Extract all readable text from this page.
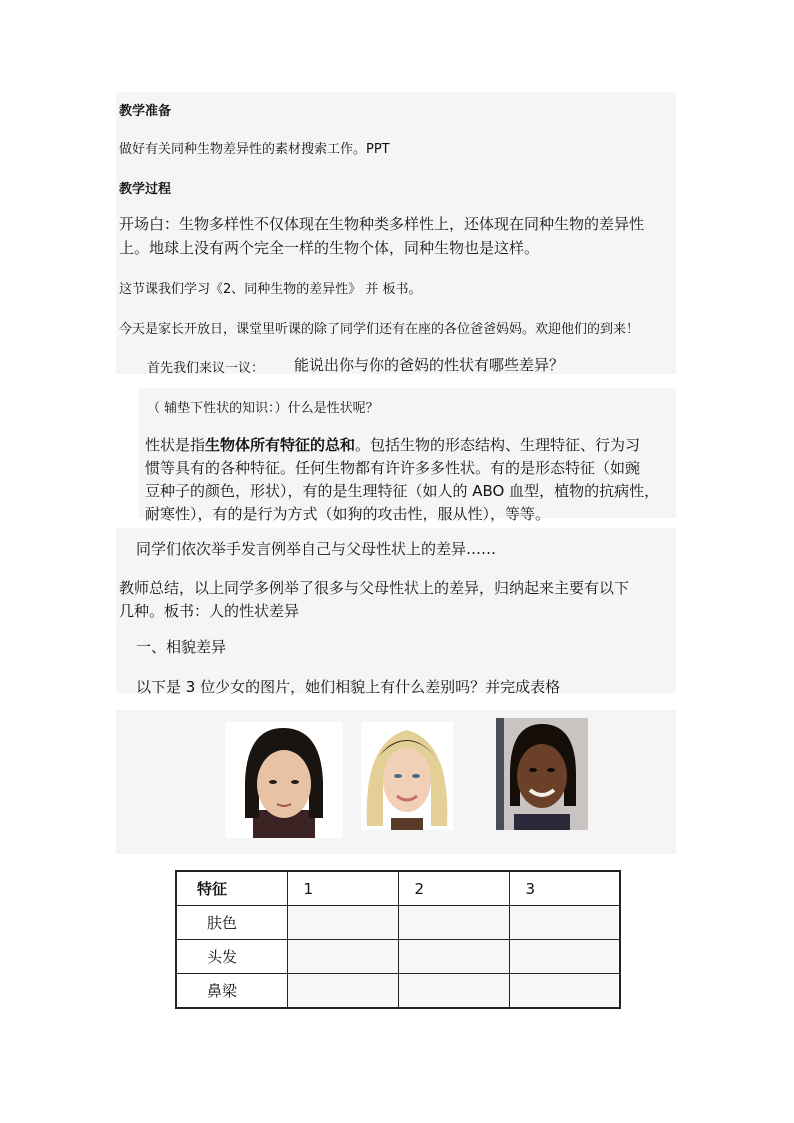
教学准备
做好有关同种生物差异性的素材搜索工作。PPT
教学过程
开场白：生物多样性不仅体现在生物种类多样性上，还体现在同种生物的差异性
上。地球上没有两个完全一样的生物个体，同种生物也是这样。
这节课我们学习《2、同种生物的差异性》 并 板书。
今天是家长开放日，课堂里听课的除了同学们还有在座的各位爸爸妈妈。欢迎他们的到来！
首先我们来议一议： 能说出你与你的爸妈的性状有哪些差异？
（ 辅垫下性状的知识：）什么是性状呢？
性状是指生物体所有特征的总和。包括生物的形态结构、生理特征、行为习
惯等具有的各种特征。任何生物都有许许多多性状。有的是形态特征（如豌
豆种子的颜色，形状），有的是生理特征（如人的 ABO 血型，植物的抗病性，
耐寒性），有的是行为方式（如狗的攻击性，服从性），等等。
同学们依次举手发言例举自己与父母性状上的差异……
教师总结，以上同学多例举了很多与父母性状上的差异，归纳起来主要有以下
几种。板书：人的性状差异
一、相貌差异
以下是 3 位少女的图片，她们相貌上有什么差别吗？并完成表格
特征	1	2	3
肤色			
头发			
鼻梁			
